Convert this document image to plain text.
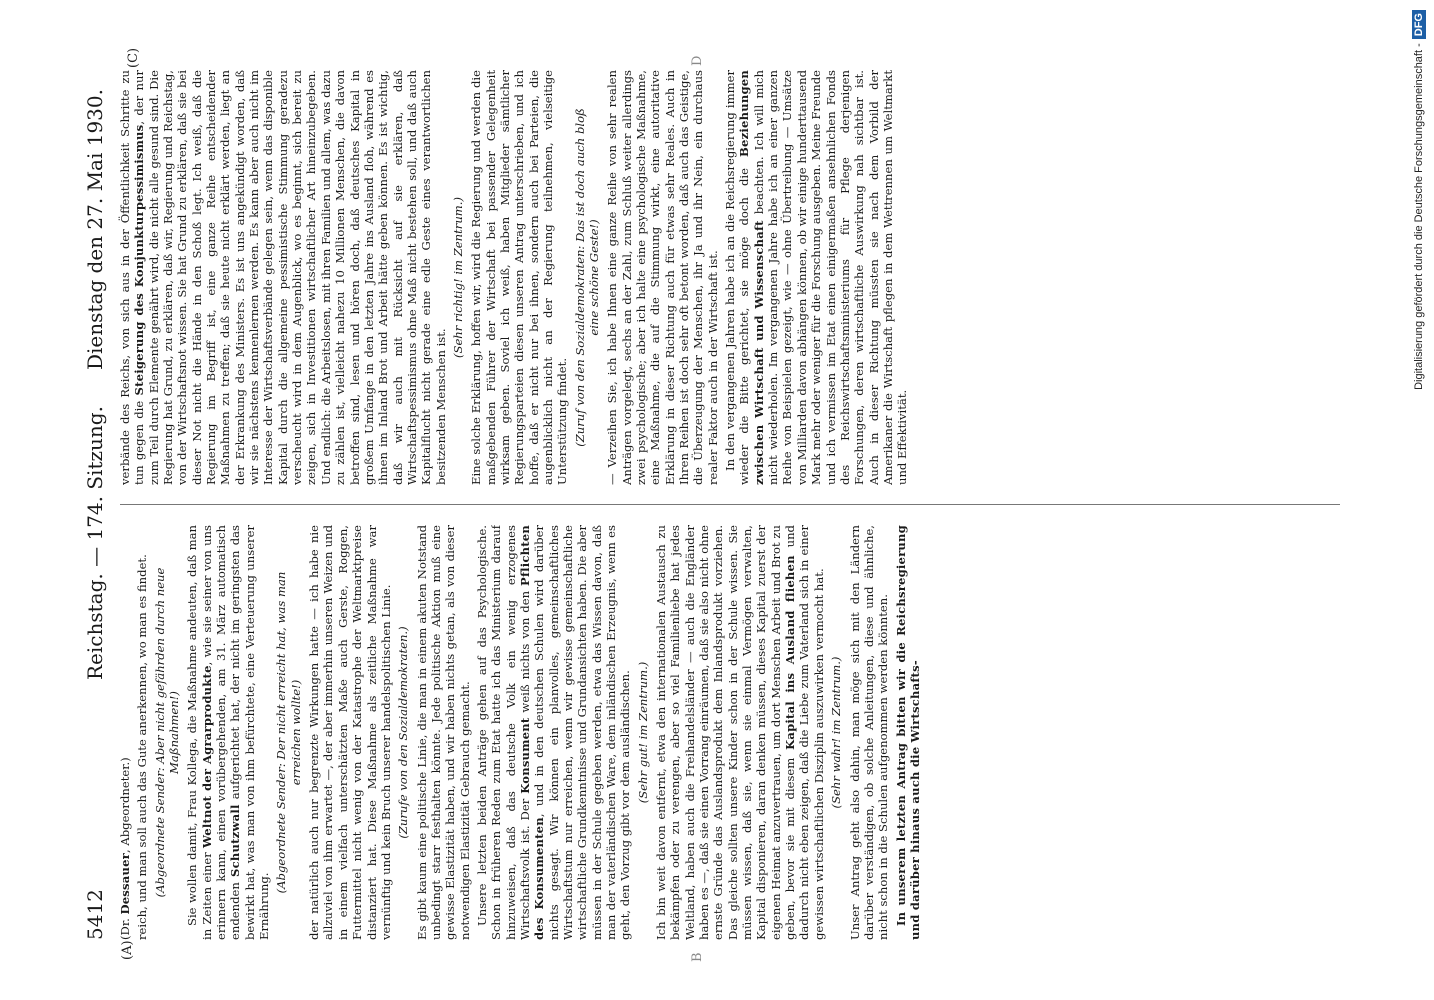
5412
Reichstag. — 174. Sitzung.
Dienstag den 27. Mai 1930.
(A)	B
(C)	D

(Dr. Dessauer, Abgeordneter.) reich, und man soll auch das Gute anerkennen, wo man es findet. (Abgeordnete Sender: Aber nicht gefährden durch neue Maßnahmen!) Sie wollen damit, Frau Kollega, die Maßnahme andeuten, daß man in Zeiten einer Weltnot der Agrarprodukte, wie sie seiner von uns erinnern kann, einen vorübergehenden, am 31. März automatisch endenden Schutzwall aufgerichtet hat, der nicht im geringsten das bewirkt hat, was man von ihm befürchtete, eine Verteuerung unserer Ernährung.

(Abgeordnete Sender: Der nicht erreicht hat, was man erreichen wollte!) der natürlich auch nur begrenzte Wirkungen hatte — ich habe nie allzuviel von ihm erwartet —, der aber immerhin unseren Weizen und in einem vielfach unterschätzten Maße auch Gerste, Roggen, Futtermittel nicht wenig von der Katastrophe der Weltmarktpreise distanziert hat. Diese Maßnahme als zeitliche Maßnahme war vernünftig und kein Bruch unserer handelspolitischen Linie. (Zurufe von den Sozialdemokraten.) Es gibt kaum eine politische Linie, die man in einem akuten Notstand unbedingt starr festhalten könnte. Jede politische Aktion muß eine gewisse Elastizität haben, und wir haben nichts getan, als von dieser notwendigen Elastizität Gebrauch gemacht. Unsere letzten beiden Anträge gehen auf das Psychologische. Schon in früheren Reden zum Etat hatte ich das Ministerium darauf hinzuweisen, daß das deutsche Volk ein wenig erzogenes Wirtschaftsvolk ist. Der Konsument weiß nichts von den Pflichten des Konsumenten, und in den deutschen Schulen wird darüber nichts gesagt. Wir können ein planvolles, gemeinschaftliches Wirtschaftstum nur erreichen, wenn wir gewisse gemeinschaftliche wirtschaftliche Grundkenntnisse und Grundansichten haben. Die aber müssen in der Schule gegeben werden, etwa das Wissen davon, daß man der vaterländischen Ware, dem inländischen Erzeugnis, wenn es geht, den Vorzug gibt vor dem ausländischen. (Sehr gut! im Zentrum.) Ich bin weit davon entfernt, etwa den internationalen Austausch zu bekämpfen oder zu verengen, aber so viel Familienliebe hat jedes Weltland, haben auch die Freihandelsländer — auch die Engländer haben es —, daß sie einen Vorrang einräumen, daß sie also nicht ohne ernste Gründe das Auslandsprodukt dem Inlandsprodukt vorziehen. Das gleiche sollten unsere Kinder schon in der Schule wissen. Sie müssen wissen, daß sie, wenn sie einmal Vermögen verwalten, Kapital disponieren, daran denken müssen, dieses Kapital zuerst der eigenen Heimat anzuvertrauen, um dort Menschen Arbeit und Brot zu geben, bevor sie mit diesem Kapital ins Ausland fliehen und dadurch nicht eben zeigen, daß die Liebe zum Vaterland sich in einer gewissen wirtschaftlichen Disziplin auszuwirken vermocht hat. (Sehr wahr! im Zentrum.) Unser Antrag geht also dahin, man möge sich mit den Ländern darüber verständigen, ob solche Anleitungen, diese und ähnliche, nicht schon in die Schulen aufgenommen werden könnten. In unserem letzten Antrag bitten wir die Reichsregierung und darüber hinaus auch die Wirtschafts-

verbände des Reichs, von sich aus in der Öffentlichkeit Schritte zu tun gegen die Steigerung des Konjunkturpessimismus, der nur zum Teil durch Elemente genährt wird, die nicht alle gesund sind. Die Regierung hat Grund, zu erklären, daß wir, Regierung und Reichstag, von der Wirtschaftsnot wissen. Sie hat Grund zu erklären, daß sie bei dieser Not nicht die Hände in den Schoß legt. Ich weiß, daß die Regierung im Begriff ist, eine ganze Reihe entscheidender Maßnahmen zu treffen; daß sie heute nicht erklärt werden, liegt an der Erkrankung des Ministers. Es ist uns angekündigt worden, daß wir sie nächstens kennenlernen werden. Es kann aber auch nicht im Interesse der Wirtschaftsverbände gelegen sein, wenn das disponible Kapital durch die allgemeine pessimistische Stimmung geradezu verscheucht wird in dem Augenblick, wo es beginnt, sich bereit zu zeigen, sich in Investitionen wirtschaftlicher Art hineinzubegeben. Und endlich: die Arbeitslosen, mit ihren Familien und allem, was dazu zu zählen ist, vielleicht nahezu 10 Millionen Menschen, die davon betroffen sind, lesen und hören doch, daß deutsches Kapital in großem Umfange in den letzten Jahre ins Ausland floh, während es ihnen im Inland Brot und Arbeit hätte geben können. Es ist wichtig, daß wir auch mit Rücksicht auf sie erklären, daß Wirtschaftspessimismus ohne Maß nicht bestehen soll, und daß auch Kapitalflucht nicht gerade eine edle Geste eines verantwortlichen besitzenden Menschen ist.

(Sehr richtig! im Zentrum.) Eine solche Erklärung, hoffen wir, wird die Regierung und werden die maßgebenden Führer der Wirtschaft bei passender Gelegenheit wirksam geben. Soviel ich weiß, haben Mitglieder sämtlicher Regierungsparteien diesen unseren Antrag unterschrieben, und ich hoffe, daß er nicht nur bei ihnen, sondern auch bei Parteien, die augenblicklich nicht an der Regierung teilnehmen, vielseitige Unterstützung findet. (Zuruf von den Sozialdemokraten: Das ist doch auch bloß eine schöne Geste!) — Verzeihen Sie, ich habe Ihnen eine ganze Reihe von sehr realen Anträgen vorgelegt, sechs an der Zahl, zum Schluß weiter allerdings zwei psychologische; aber ich halte eine psychologische Maßnahme, eine Maßnahme, die auf die Stimmung wirkt, eine autoritative Erklärung in dieser Richtung auch für etwas sehr Reales. Auch in Ihren Reihen ist doch sehr oft betont worden, daß auch das Geistige, die Überzeugung der Menschen, ihr Ja und ihr Nein, ein durchaus realer Faktor auch in der Wirtschaft ist. In den vergangenen Jahren habe ich an die Reichsregierung immer wieder die Bitte gerichtet, sie möge doch die Beziehungen zwischen Wirtschaft und Wissenschaft beachten. Ich will mich nicht wiederholen. Im vergangenen Jahre habe ich an einer ganzen Reihe von Beispielen gezeigt, wie — ohne Übertreibung — Umsätze von Milliarden davon abhängen können, ob wir einige hunderttausend Mark mehr oder weniger für die Forschung ausgeben. Meine Freunde und ich vermissen im Etat einen einigermaßen ansehnlichen Fonds des Reichswirtschaftsministeriums für Pflege derjenigen Forschungen, deren wirtschaftliche Auswirkung nah sichtbar ist. Auch in dieser Richtung müssten sie nach dem Vorbild der Amerikaner die Wirtschaft pflegen in dem Wettrennen um Weltmarkt und Effektivität.

Digitalisierung gefördert durch die Deutsche Forschungsgemeinschaft -DFG
